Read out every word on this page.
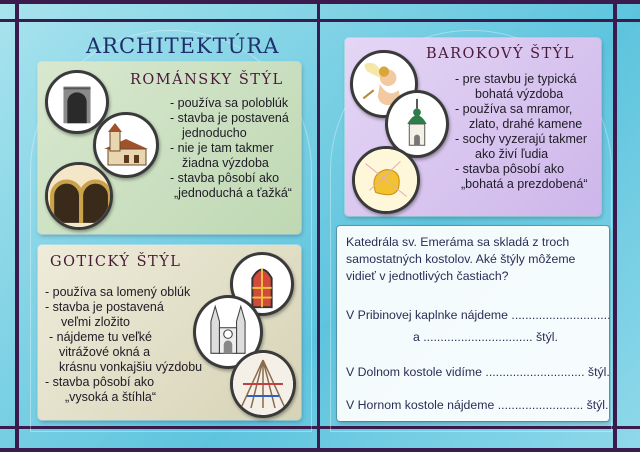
ARCHITEKTÚRA
ROMÁNSKY ŠTÝL
- používa sa poloblúk
- stavba je postavená
jednoducho
- nie je tam takmer
žiadna výzdoba
- stavba pôsobí ako
„jednoduchá a ťažká“
BAROKOVÝ ŠTÝL
- pre stavbu je typická
bohatá výzdoba
- používa sa mramor,
zlato, drahé kamene
- sochy vyzerajú takmer
ako živí ľudia
- stavba pôsobí ako
„bohatá a prezdobená“
GOTICKÝ ŠTÝL
- používa sa lomený oblúk
- stavba je postavená
veľmi zložito
- nájdeme tu veľké
vitrážové okná a
krásnu vonkajšiu výzdobu
- stavba pôsobí ako
„vysoká a štíhla“

Katedrála sv. Emeráma sa skladá z troch

samostatných kostolov. Aké štýly môžeme

vidieť v jednotlivých častiach?

V Pribinovej kaplnke nájdeme .............................

a ................................ štýl.

V Dolnom kostole vidíme ............................. štýl.

V Hornom kostole nájdeme ......................... štýl.
